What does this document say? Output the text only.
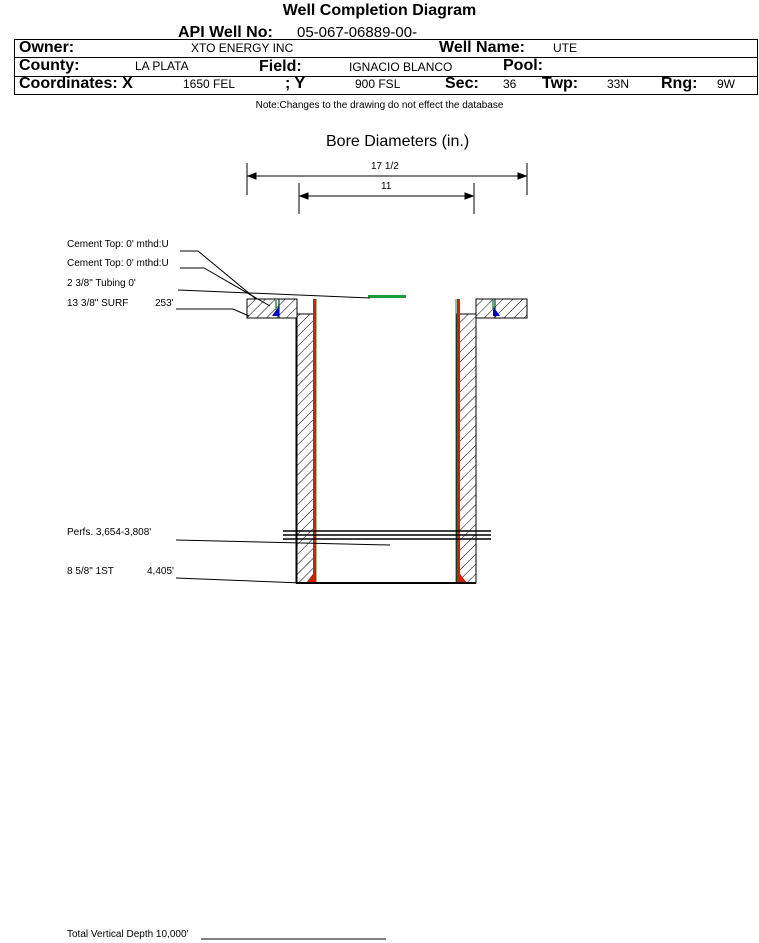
Well Completion Diagram
Owner:	XTO ENERGY INC	Well Name: UTE
County:	LA PLATA	Field:	IGNACIO BLANCO	Pool:
Coordinates: X	1650 FEL	; Y	900 FSL	Sec: 36 Twp: 33N Rng: 9W
API Well No: 05-067-06889-00-
Note:Changes to the drawing do not effect the database
Bore Diameters (in.)
17 1/2
11
Cement Top: 0' mthd:U
Cement Top: 0' mthd:U
2 3/8" Tubing 0'
13 3/8" SURF	253'
Perfs. 3,654-3,808'
8 5/8" 1ST	4,405'
Total Vertical Depth 10,000'
